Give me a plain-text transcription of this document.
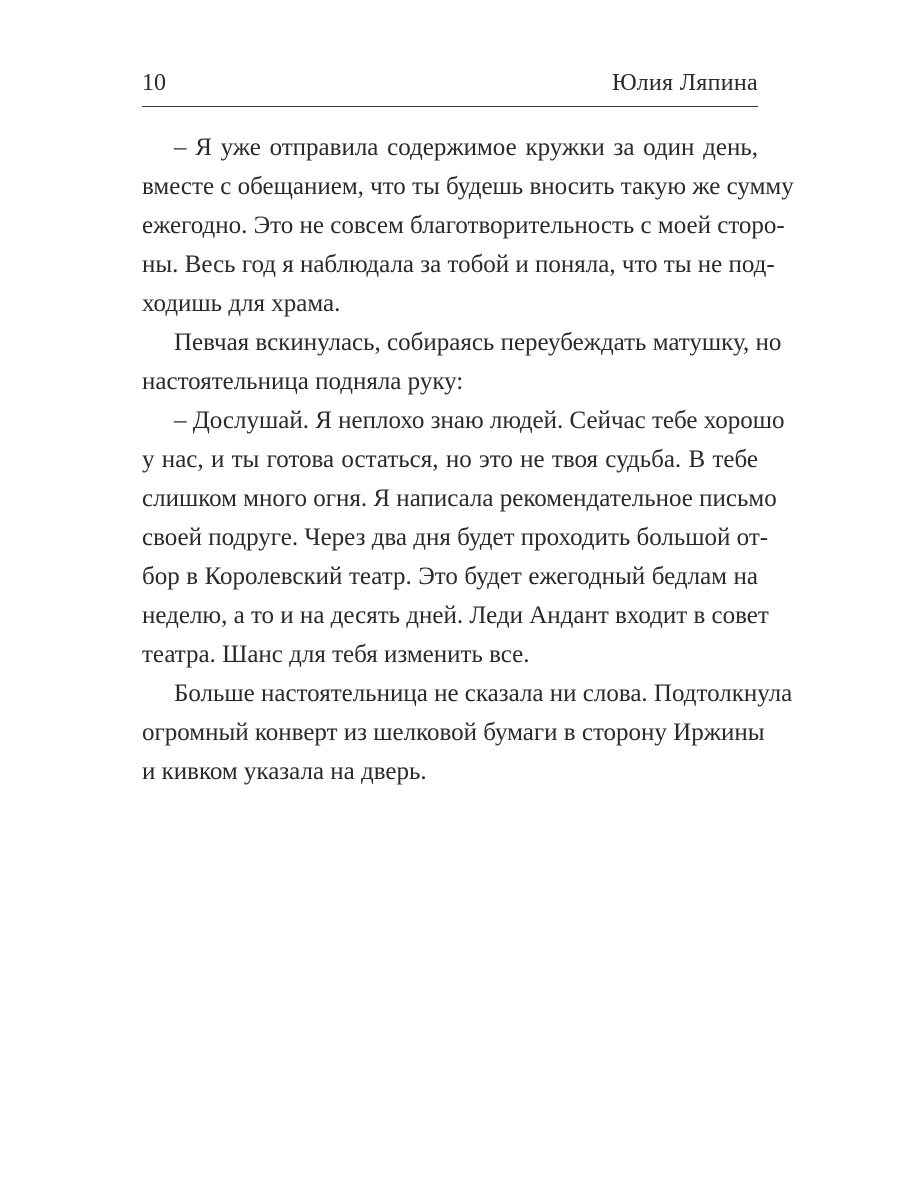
10	Юлия Ляпина
– Я уже отправила содержимое кружки за один день,
вместе с обещанием, что ты будешь вносить такую же сумму
ежегодно. Это не совсем благотворительность с моей сторо-
ны. Весь год я наблюдала за тобой и поняла, что ты не под-
ходишь для храма.
Певчая вскинулась, собираясь переубеждать матушку, но
настоятельница подняла руку:
– Дослушай. Я неплохо знаю людей. Сейчас тебе хорошо
у нас, и ты готова остаться, но это не твоя судьба. В тебе
слишком много огня. Я написала рекомендательное письмо
своей подруге. Через два дня будет проходить большой от-
бор в Королевский театр. Это будет ежегодный бедлам на
неделю, а то и на десять дней. Леди Андант входит в совет
театра. Шанс для тебя изменить все.
Больше настоятельница не сказала ни слова. Подтолкнула
огромный конверт из шелковой бумаги в сторону Иржины
и кивком указала на дверь.
